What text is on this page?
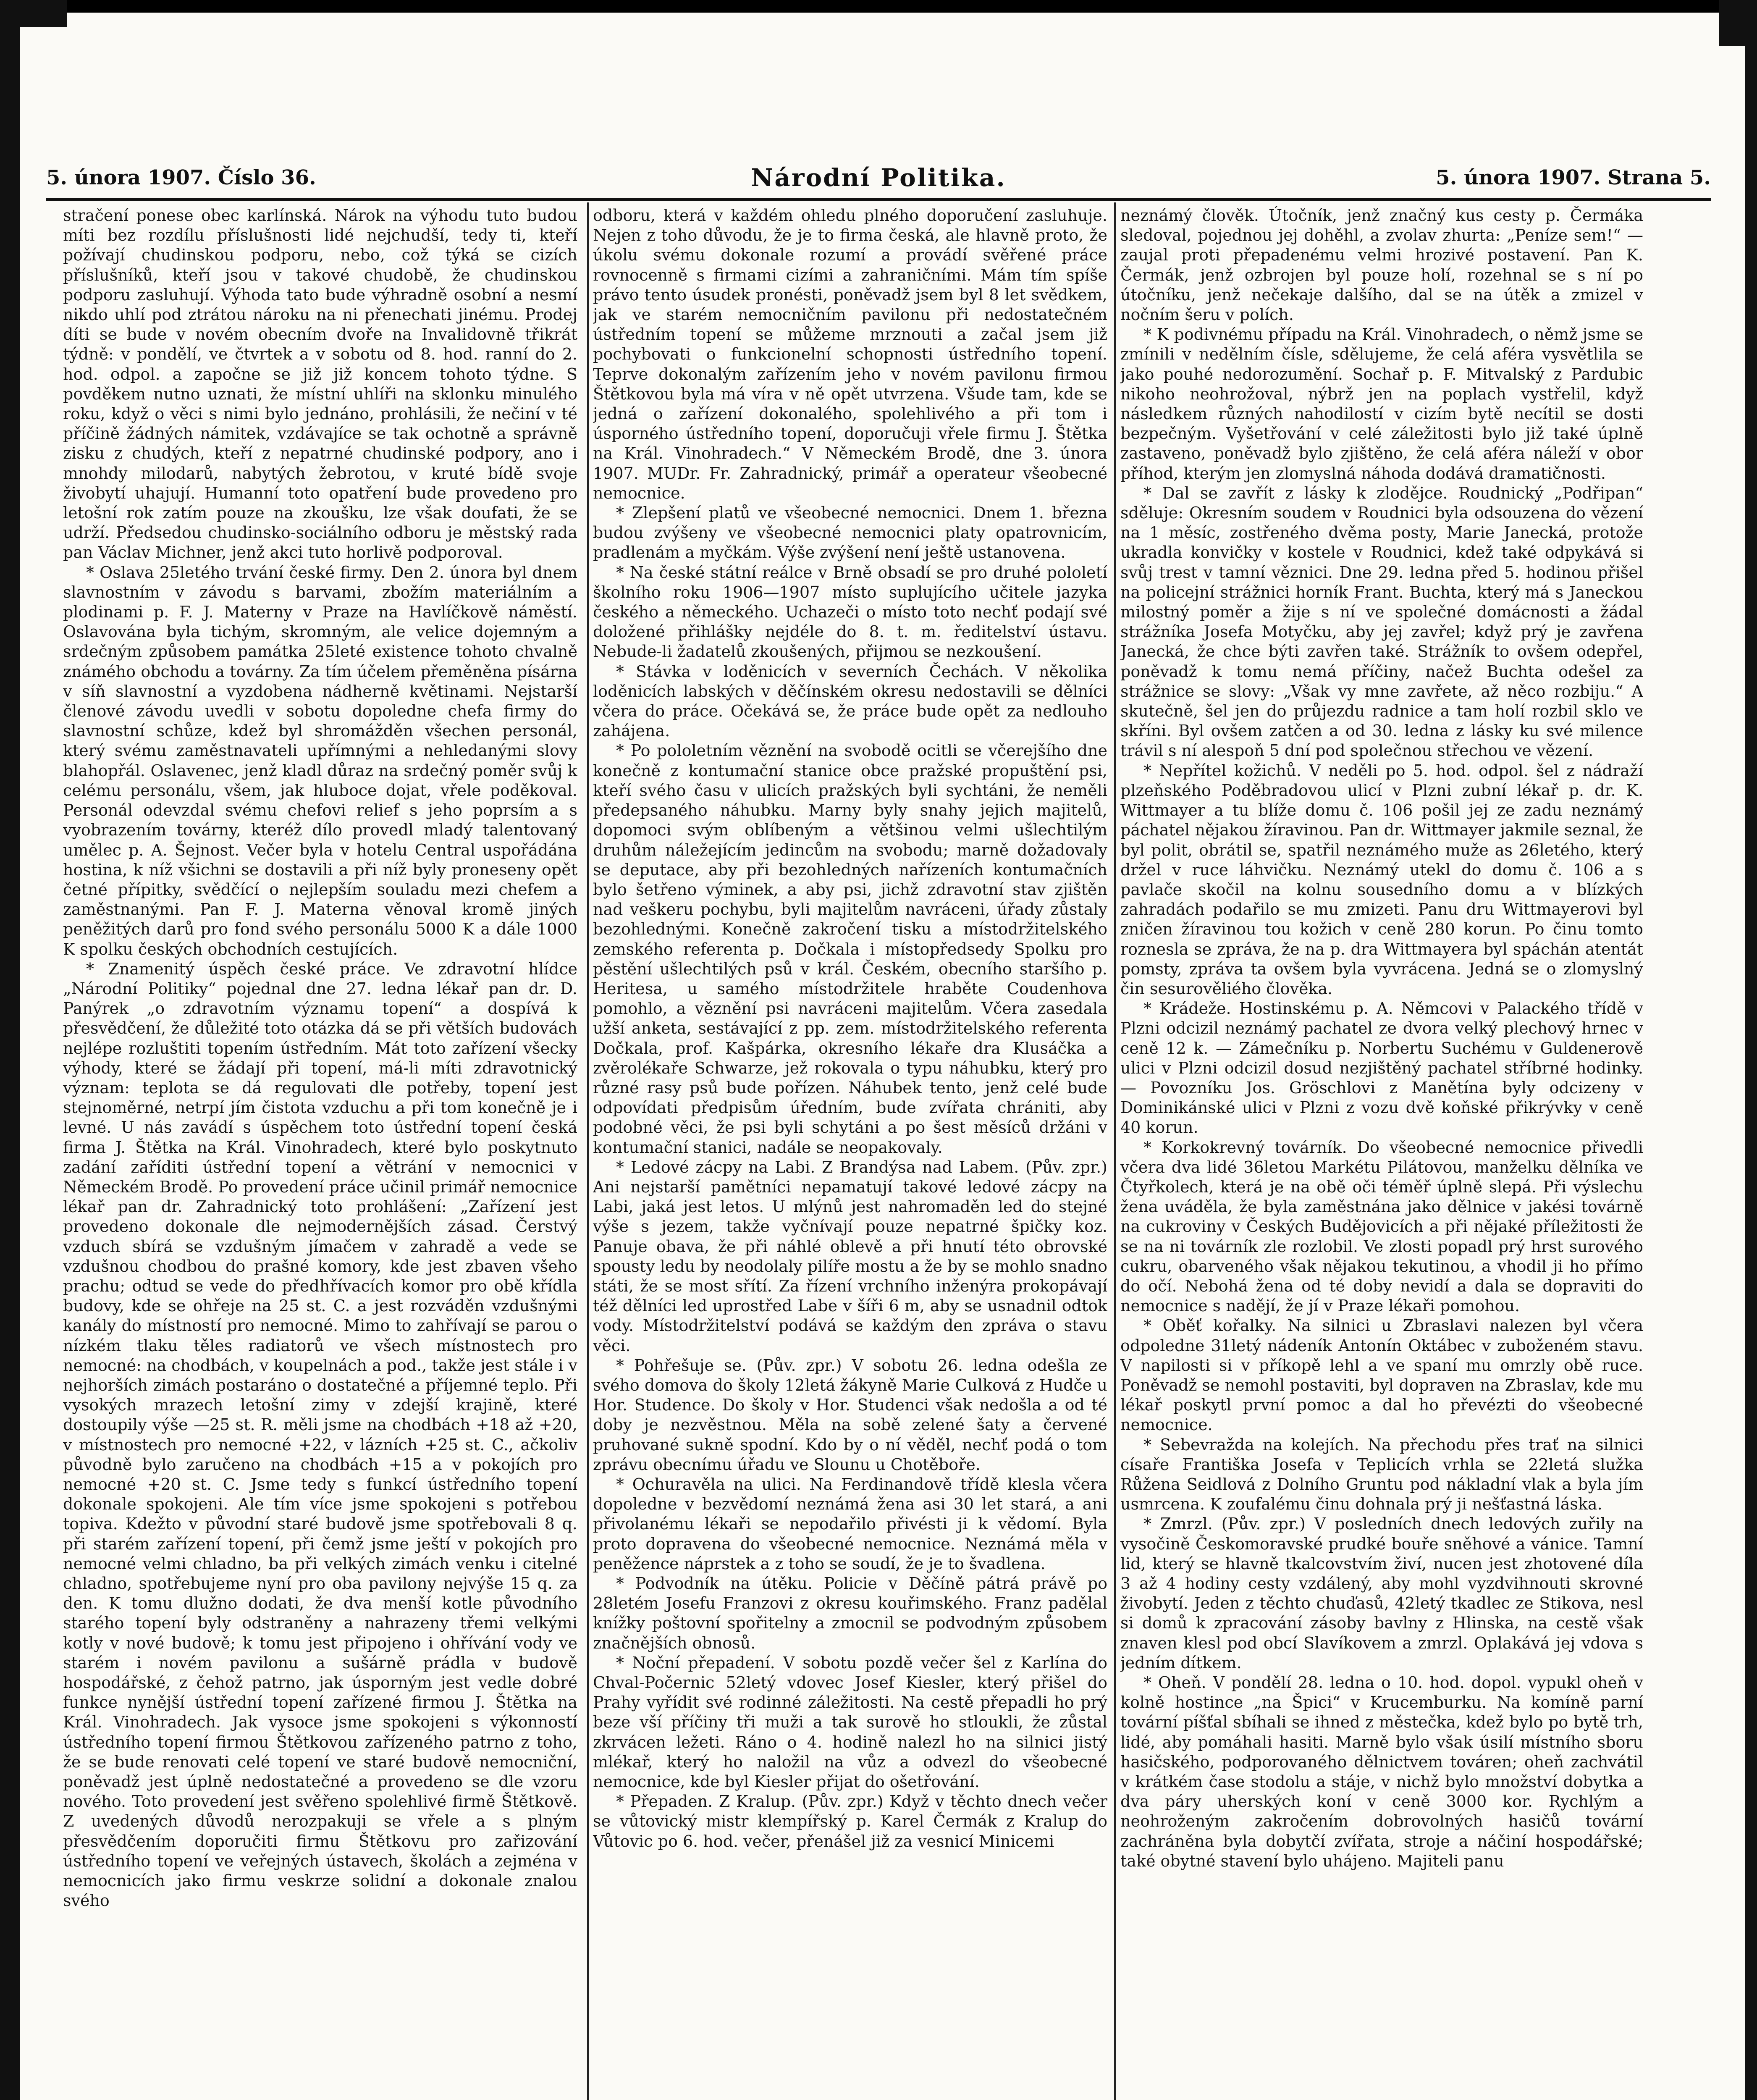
5. února 1907. Číslo 36.	Národní Politika.	5. února 1907. Strana 5.

stračení ponese obec karlínská. Nárok na výhodu tuto budou míti bez rozdílu příslušnosti lidé nejchudší, tedy ti, kteří požívají chudinskou podporu, nebo, což týká se cizích příslušníků, kteří jsou v takové chudobě, že chudinskou podporu zasluhují. Výhoda tato bude výhradně osobní a nesmí nikdo uhlí pod ztrátou nároku na ni přenechati jinému. Prodej díti se bude v novém obecním dvoře na Invalidovně třikrát týdně: v pondělí, ve čtvrtek a v sobotu od 8. hod. ranní do 2. hod. odpol. a započne se již již koncem tohoto týdne. S povděkem nutno uznati, že místní uhlíři na sklonku minulého roku, když o věci s nimi bylo jednáno, prohlásili, že nečiní v té příčině žádných námitek, vzdávajíce se tak ochotně a správně zisku z chudých, kteří z nepatrné chudinské podpory, ano i mnohdy milodarů, nabytých žebrotou, v kruté bídě svoje živobytí uhajují. Humanní toto opatření bude provedeno pro letošní rok zatím pouze na zkoušku, lze však doufati, že se udrží. Předsedou chudinsko-sociálního odboru je městský rada pan Václav Michner, jenž akci tuto horlivě podporoval.

* Oslava 25letého trvání české firmy. Den 2. února byl dnem slavnostním v závodu s barvami, zbožím materiálním a plodinami p. F. J. Materny v Praze na Havlíčkově náměstí. Oslavována byla tichým, skromným, ale velice dojemným a srdečným způsobem památka 25leté existence tohoto chvalně známého obchodu a továrny. Za tím účelem přeměněna písárna v síň slavnostní a vyzdobena nádherně květinami. Nejstarší členové závodu uvedli v sobotu dopoledne chefa firmy do slavnostní schůze, kdež byl shromážděn všechen personál, který svému zaměstnavateli upřímnými a nehledanými slovy blahopřál. Oslavenec, jenž kladl důraz na srdečný poměr svůj k celému personálu, všem, jak hluboce dojat, vřele poděkoval. Personál odevzdal svému chefovi relief s jeho poprsím a s vyobrazením továrny, kteréž dílo provedl mladý talentovaný umělec p. A. Šejnost. Večer byla v hotelu Central uspořádána hostina, k níž všichni se dostavili a při níž byly proneseny opět četné přípitky, svědčící o nejlepším souladu mezi chefem a zaměstnanými. Pan F. J. Materna věnoval kromě jiných peněžitých darů pro fond svého personálu 5000 K a dále 1000 K spolku českých obchodních cestujících.

* Znamenitý úspěch české práce. Ve zdravotní hlídce „Národní Politiky“ pojednal dne 27. ledna lékař pan dr. D. Panýrek „o zdravotním významu topení“ a dospívá k přesvědčení, že důležité toto otázka dá se při větších budovách nejlépe rozluštiti topením ústředním. Mát toto zařízení všecky výhody, které se žádají při topení, má-li míti zdravotnický význam: teplota se dá regulovati dle potřeby, topení jest stejnoměrné, netrpí jím čistota vzduchu a při tom konečně je i levné. U nás zavádí s úspěchem toto ústřední topení česká firma J. Štětka na Král. Vinohradech, které bylo poskytnuto zadání zaříditi ústřední topení a větrání v nemocnici v Německém Brodě. Po provedení práce učinil primář nemocnice lékař pan dr. Zahradnický toto prohlášení: „Zařízení jest provedeno dokonale dle nejmodernějších zásad. Čerstvý vzduch sbírá se vzdušným jímačem v zahradě a vede se vzdušnou chodbou do prašné komory, kde jest zbaven všeho prachu; odtud se vede do předhřívacích komor pro obě křídla budovy, kde se ohřeje na 25 st. C. a jest rozváděn vzdušnými kanály do místností pro nemocné. Mimo to zahřívají se parou o nízkém tlaku těles radiatorů ve všech místnostech pro nemocné: na chodbách, v koupelnách a pod., takže jest stále i v nejhorších zimách postaráno o dostatečné a příjemné teplo. Při vysokých mrazech letošní zimy v zdejší krajině, které dostoupily výše —25 st. R. měli jsme na chodbách +18 až +20, v místnostech pro nemocné +22, v lázních +25 st. C., ačkoliv původně bylo zaručeno na chodbách +15 a v pokojích pro nemocné +20 st. C. Jsme tedy s funkcí ústředního topení dokonale spokojeni. Ale tím více jsme spokojeni s potřebou topiva. Kdežto v původní staré budově jsme spotřebovali 8 q. při starém zařízení topení, při čemž jsme ještí v pokojích pro nemocné velmi chladno, ba při velkých zimách venku i citelné chladno, spotřebujeme nyní pro oba pavilony nejvýše 15 q. za den. K tomu dlužno dodati, že dva menší kotle původního starého topení byly odstraněny a nahrazeny třemi velkými kotly v nové budově; k tomu jest připojeno i ohřívání vody ve starém i novém pavilonu a sušárně prádla v budově hospodářské, z čehož patrno, jak úsporným jest vedle dobré funkce nynější ústřední topení zařízené firmou J. Štětka na Král. Vinohradech. Jak vysoce jsme spokojeni s výkonností ústředního topení firmou Štětkovou zařízeného patrno z toho, že se bude renovati celé topení ve staré budově nemocniční, poněvadž jest úplně nedostatečné a provedeno se dle vzoru nového. Toto provedení jest svěřeno spolehlivé firmě Štětkově. Z uvedených důvodů nerozpakuji se vřele a s plným přesvědčením doporučiti firmu Štětkovu pro zařizování ústředního topení ve veřejných ústavech, školách a zejména v nemocnicích jako firmu veskrze solidní a dokonale znalou svého

odboru, která v každém ohledu plného doporučení zasluhuje. Nejen z toho důvodu, že je to firma česká, ale hlavně proto, že úkolu svému dokonale rozumí a provádí svěřené práce rovnocenně s firmami cizími a zahraničními. Mám tím spíše právo tento úsudek pronésti, poněvadž jsem byl 8 let svědkem, jak ve starém nemocničním pavilonu při nedostatečném ústředním topení se můžeme mrznouti a začal jsem již pochybovati o funkcionelní schopnosti ústředního topení. Teprve dokonalým zařízením jeho v novém pavilonu firmou Štětkovou byla má víra v ně opět utvrzena. Všude tam, kde se jedná o zařízení dokonalého, spolehlivého a při tom i úsporného ústředního topení, doporučuji vřele firmu J. Štětka na Král. Vinohradech.“ V Německém Brodě, dne 3. února 1907. MUDr. Fr. Zahradnický, primář a operateur všeobecné nemocnice.

* Zlepšení platů ve všeobecné nemocnici. Dnem 1. března budou zvýšeny ve všeobecné nemocnici platy opatrovnicím, pradlenám a myčkám. Výše zvýšení není ještě ustanovena.

* Na české státní reálce v Brně obsadí se pro druhé pololetí školního roku 1906—1907 místo suplujícího učitele jazyka českého a německého. Uchazeči o místo toto nechť podají své doložené přihlášky nejdéle do 8. t. m. ředitelství ústavu. Nebude-li žadatelů zkoušených, přijmou se nezkoušení.

* Stávka v loděnicích v severních Čechách. V několika loděnicích labských v děčínském okresu nedostavili se dělníci včera do práce. Očekává se, že práce bude opět za nedlouho zahájena.

* Po pololetním věznění na svobodě ocitli se včerejšího dne konečně z kontumační stanice obce pražské propuštění psi, kteří svého času v ulicích pražských byli sychtáni, že neměli předepsaného náhubku. Marny byly snahy jejich majitelů, dopomoci svým oblíbeným a většinou velmi ušlechtilým druhům náležejícím jedincům na svobodu; marně dožadovaly se deputace, aby při bezohledných nařízeních kontumačních bylo šetřeno výminek, a aby psi, jichž zdravotní stav zjištěn nad veškeru pochybu, byli majitelům navráceni, úřady zůstaly bezohlednými. Konečně zakročení tisku a místodržitelského zemského referenta p. Dočkala i místopředsedy Spolku pro pěstění ušlechtilých psů v král. Českém, obecního staršího p. Heritesa, u samého místodržitele hraběte Coudenhova pomohlo, a věznění psi navráceni majitelům. Včera zasedala užší anketa, sestávající z pp. zem. místodržitelského referenta Dočkala, prof. Kašpárka, okresního lékaře dra Klusáčka a zvěrolékaře Schwarze, jež rokovala o typu náhubku, který pro různé rasy psů bude pořízen. Náhubek tento, jenž celé bude odpovídati předpisům úředním, bude zvířata chrániti, aby podobné věci, že psi byli schytáni a po šest měsíců držáni v kontumační stanici, nadále se neopakovaly.

* Ledové zácpy na Labi. Z Brandýsa nad Labem. (Pův. zpr.) Ani nejstarší pamětníci nepamatují takové ledové zácpy na Labi, jaká jest letos. U mlýnů jest nahromaděn led do stejné výše s jezem, takže vyčnívají pouze nepatrné špičky koz. Panuje obava, že při náhlé oblevě a při hnutí této obrovské spousty ledu by neodolaly pilíře mostu a že by se mohlo snadno státi, že se most sřítí. Za řízení vrchního inženýra prokopávají též dělníci led uprostřed Labe v šíři 6 m, aby se usnadnil odtok vody. Místodržitelství podává se každým den zpráva o stavu věci.

* Pohřešuje se. (Pův. zpr.) V sobotu 26. ledna odešla ze svého domova do školy 12letá žákyně Marie Culková z Hudče u Hor. Studence. Do školy v Hor. Studenci však nedošla a od té doby je nezvěstnou. Měla na sobě zelené šaty a červené pruhované sukně spodní. Kdo by o ní věděl, nechť podá o tom zprávu obecnímu úřadu ve Slounu u Chotěboře.

* Ochuravěla na ulici. Na Ferdinandově třídě klesla včera dopoledne v bezvědomí neznámá žena asi 30 let stará, a ani přivolanému lékaři se nepodařilo přivésti ji k vědomí. Byla proto dopravena do všeobecné nemocnice. Neznámá měla v peněžence náprstek a z toho se soudí, že je to švadlena.

* Podvodník na útěku. Policie v Děčíně pátrá právě po 28letém Josefu Franzovi z okresu kouřimského. Franz padělal knížky poštovní spořitelny a zmocnil se podvodným způsobem značnějších obnosů.

* Noční přepadení. V sobotu pozdě večer šel z Karlína do Chval-Počernic 52letý vdovec Josef Kiesler, který přišel do Prahy vyřídit své rodinné záležitosti. Na cestě přepadli ho prý beze vší příčiny tři muži a tak surově ho stloukli, že zůstal zkrvácen ležeti. Ráno o 4. hodině nalezl ho na silnici jistý mlékař, který ho naložil na vůz a odvezl do všeobecné nemocnice, kde byl Kiesler přijat do ošetřování.

* Přepaden. Z Kralup. (Pův. zpr.) Když v těchto dnech večer se vůtovický mistr klempířský p. Karel Čermák z Kralup do Vůtovic po 6. hod. večer, přenášel již za vesnicí Minicemi

neznámý člověk. Útočník, jenž značný kus cesty p. Čermáka sledoval, pojednou jej dohěhl, a zvolav zhurta: „Peníze sem!“ — zaujal proti přepadenému velmi hrozivé postavení. Pan K. Čermák, jenž ozbrojen byl pouze holí, rozehnal se s ní po útočníku, jenž nečekaje dalšího, dal se na útěk a zmizel v nočním šeru v polích.

* K podivnému případu na Král. Vinohradech, o němž jsme se zmínili v nedělním čísle, sdělujeme, že celá aféra vysvětlila se jako pouhé nedorozumění. Sochař p. F. Mitvalský z Pardubic nikoho neohrožoval, nýbrž jen na poplach vystřelil, když následkem různých nahodilostí v cizím bytě necítil se dosti bezpečným. Vyšetřování v celé záležitosti bylo již také úplně zastaveno, poněvadž bylo zjištěno, že celá aféra náleží v obor příhod, kterým jen zlomyslná náhoda dodává dramatičnosti.

* Dal se zavřít z lásky k zlodějce. Roudnický „Podřipan“ sděluje: Okresním soudem v Roudnici byla odsouzena do vězení na 1 měsíc, zostřeného dvěma posty, Marie Janecká, protože ukradla konvičky v kostele v Roudnici, kdež také odpykává si svůj trest v tamní věznici. Dne 29. ledna před 5. hodinou přišel na policejní strážnici horník Frant. Buchta, který má s Janeckou milostný poměr a žije s ní ve společné domácnosti a žádal strážníka Josefa Motyčku, aby jej zavřel; když prý je zavřena Janecká, že chce býti zavřen také. Strážník to ovšem odepřel, poněvadž k tomu nemá příčiny, načež Buchta odešel za strážnice se slovy: „Však vy mne zavřete, až něco rozbiju.“ A skutečně, šel jen do průjezdu radnice a tam holí rozbil sklo ve skříni. Byl ovšem zatčen a od 30. ledna z lásky ku své milence trávil s ní alespoň 5 dní pod společnou střechou ve vězení.

* Nepřítel kožichů. V neděli po 5. hod. odpol. šel z nádraží plzeňského Poděbradovou ulicí v Plzni zubní lékař p. dr. K. Wittmayer a tu blíže domu č. 106 pošil jej ze zadu neznámý páchatel nějakou žíravinou. Pan dr. Wittmayer jakmile seznal, že byl polit, obrátil se, spatřil neznámého muže as 26letého, který držel v ruce láhvičku. Neznámý utekl do domu č. 106 a s pavlače skočil na kolnu sousedního domu a v blízkých zahradách podařilo se mu zmizeti. Panu dru Wittmayerovi byl zničen žíravinou tou kožich v ceně 280 korun. Po činu tomto roznesla se zpráva, že na p. dra Wittmayera byl spáchán atentát pomsty, zpráva ta ovšem byla vyvrácena. Jedná se o zlomyslný čin sesurověliého člověka.

* Krádeže. Hostinskému p. A. Němcovi v Palackého třídě v Plzni odcizil neznámý pachatel ze dvora velký plechový hrnec v ceně 12 k. — Zámečníku p. Norbertu Suchému v Guldenerově ulici v Plzni odcizil dosud nezjištěný pachatel stříbrné hodinky. — Povozníku Jos. Gröschlovi z Manětína byly odcizeny v Dominikánské ulici v Plzni z vozu dvě koňské přikrývky v ceně 40 korun.

* Korkokrevný továrník. Do všeobecné nemocnice přivedli včera dva lidé 36letou Markétu Pilátovou, manželku dělníka ve Čtyřkolech, která je na obě oči téměř úplně slepá. Při výslechu žena uváděla, že byla zaměstnána jako dělnice v jakési továrně na cukroviny v Českých Budějovicích a při nějaké příležitosti že se na ni továrník zle rozlobil. Ve zlosti popadl prý hrst surového cukru, obarveného však nějakou tekutinou, a vhodil ji ho přímo do očí. Nebohá žena od té doby nevidí a dala se dopraviti do nemocnice s nadějí, že jí v Praze lékaři pomohou.

* Oběť kořalky. Na silnici u Zbraslavi nalezen byl včera odpoledne 31letý nádeník Antonín Oktábec v zuboženém stavu. V napilosti si v příkopě lehl a ve spaní mu omrzly obě ruce. Poněvadž se nemohl postaviti, byl dopraven na Zbraslav, kde mu lékař poskytl první pomoc a dal ho převézti do všeobecné nemocnice.

* Sebevražda na kolejích. Na přechodu přes trať na silnici císaře Františka Josefa v Teplicích vrhla se 22letá služka Růžena Seidlová z Dolního Gruntu pod nákladní vlak a byla jím usmrcena. K zoufalému činu dohnala prý ji nešťastná láska.

* Zmrzl. (Pův. zpr.) V posledních dnech ledových zuřily na vysočině Českomoravské prudké bouře sněhové a vánice. Tamní lid, který se hlavně tkalcovstvím živí, nucen jest zhotovené díla 3 až 4 hodiny cesty vzdálený, aby mohl vyzdvihnouti skrovné živobytí. Jeden z těchto chuďasů, 42letý tkadlec ze Stikova, nesl si domů k zpracování zásoby bavlny z Hlinska, na cestě však znaven klesl pod obcí Slavíkovem a zmrzl. Oplakává jej vdova s jedním dítkem.

* Oheň. V pondělí 28. ledna o 10. hod. dopol. vypukl oheň v kolně hostince „na Špici“ v Krucemburku. Na komíně parní tovární píšťal sbíhali se ihned z městečka, kdež bylo po bytě trh, lidé, aby pomáhali hasiti. Marně bylo však úsilí místního sboru hasičského, podporovaného dělnictvem továren; oheň zachvátil v krátkém čase stodolu a stáje, v nichž bylo množství dobytka a dva páry uherských koní v ceně 3000 kor. Rychlým a neohroženým zakročením dobrovolných hasičů tovární zachráněna byla dobytčí zvířata, stroje a náčiní hospodářské; také obytné stavení bylo uhájeno. Majiteli panu
